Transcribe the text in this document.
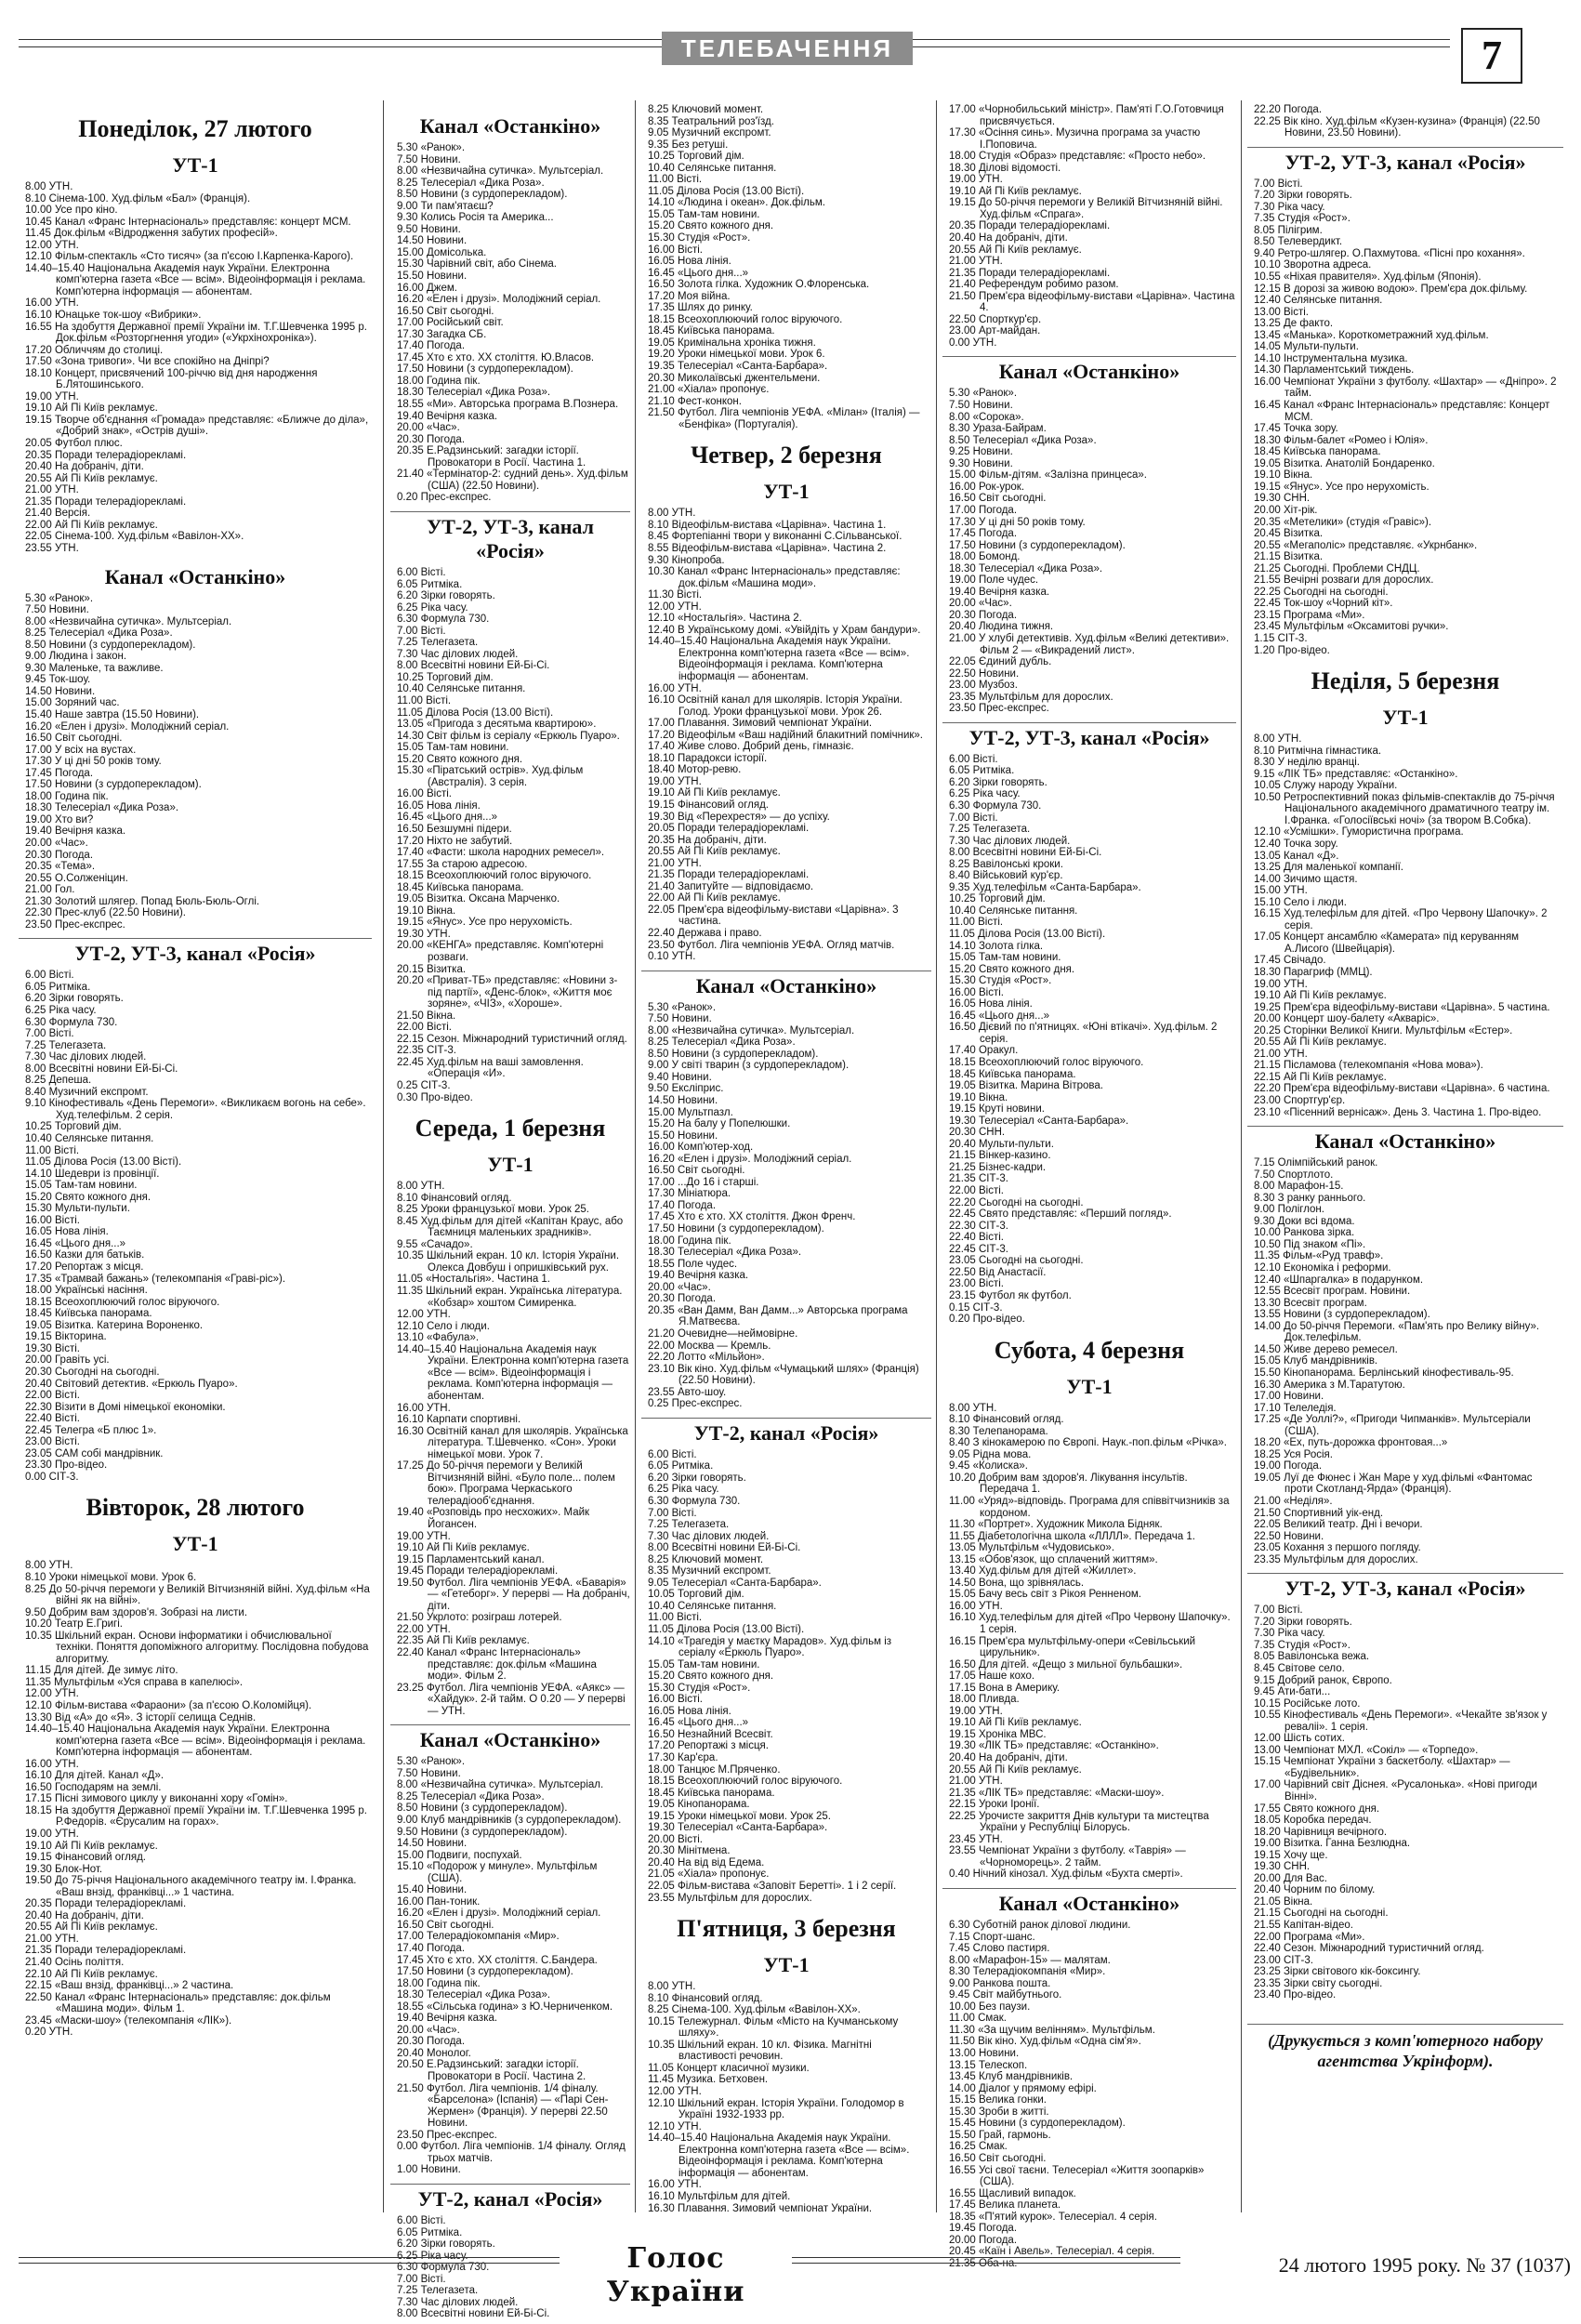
ТЕЛЕБАЧЕННЯ	7
Понеділок, 27 лютого
УТ-1

8.00 УТН.

8.10 Сінема-100. Худ.фільм «Бал» (Франція).

10.00 Усе про кіно.

10.45 Канал «Франс Інтернасіональ» представляє: концерт МСМ.

11.45 Док.фільм «Відродження забутих професій».

12.00 УТН.

12.10 Фільм-спектакль «Сто тисяч» (за п'єсою І.Карпенка-Карого).

14.40–15.40 Національна Академія наук України. Електронна комп'ютерна газета «Все — всім». Відеоінформація і реклама. Комп'ютерна інформація — абонентам.

16.00 УТН.

16.10 Юнацьке ток-шоу «Вибрики».

16.55 На здобуття Державної премії України ім. Т.Г.Шевченка 1995 р. Док.фільм «Розторгнення угоди» («Укрхінохроніка»).

17.20 Обличчям до столиці.

17.50 «Зона тривоги». Чи все спокійно на Дніпрі?

18.10 Концерт, присвячений 100-річчю від дня народження Б.Лятошинського.

19.00 УТН.

19.10 Ай Пі Київ рекламує.

19.15 Творче об'єднання «Громада» представляє: «Ближче до діла», «Добрий знак», «Острів душі».

20.05 Футбол плюс.

20.35 Поради телерадіорекламі.

20.40 На добраніч, діти.

20.55 Ай Пі Київ рекламує.

21.00 УТН.

21.35 Поради телерадіорекламі.

21.40 Версія.

22.00 Ай Пі Київ рекламує.

22.05 Сінема-100. Худ.фільм «Вавілон-XX».

23.55 УТН.

Канал «Останкіно»

5.30 «Ранок».

7.50 Новини.

8.00 «Незвичайна сутичка». Мультсеріал.

8.25 Телесеріал «Дика Роза».

8.50 Новини (з сурдоперекладом).

9.00 Людина і закон.

9.30 Маленьке, та важливе.

9.45 Ток-шоу.

14.50 Новини.

15.00 Зоряний час.

15.40 Наше завтра (15.50 Новини).

16.20 «Елен і друзі». Молодіжний серіал.

16.50 Світ сьогодні.

17.00 У всіх на вустах.

17.30 У ці дні 50 років тому.

17.45 Погода.

17.50 Новини (з сурдоперекладом).

18.00 Година пік.

18.30 Телесеріал «Дика Роза».

19.00 Хто ви?

19.40 Вечірня казка.

20.00 «Час».

20.30 Погода.

20.35 «Тема».

20.55 О.Солженіцин.

21.00 Гол.

21.30 Золотий шлягер. Попад Бюль-Бюль-Оглі.

22.30 Прес-клуб (22.50 Новини).

23.50 Прес-експрес.

УТ-2, УТ-3, канал «Росія»

6.00 Вісті.

6.05 Ритміка.

6.20 Зірки говорять.

6.25 Ріка часу.

6.30 Формула 730.

7.00 Вісті.

7.25 Телегазета.

7.30 Час ділових людей.

8.00 Всесвітні новини Ей-Бі-Сі.

8.25 Депеша.

8.40 Музичний експромт.

9.10 Кінофестиваль «День Перемоги». «Викликаєм вогонь на себе». Худ.телефільм. 2 серія.

10.25 Торговий дім.

10.40 Селянське питання.

11.00 Вісті.

11.05 Ділова Росія (13.00 Вісті).

14.10 Шедеври із провінції.

15.05 Там-там новини.

15.20 Свято кожного дня.

15.30 Мульти-пульти.

16.00 Вісті.

16.05 Нова лінія.

16.45 «Цього дня...»

16.50 Казки для батьків.

17.20 Репортаж з місця.

17.35 «Трамвай бажань» (телекомпанія «Граві-ріс»).

18.00 Українські насіння.

18.15 Всеохоплюючий голос віруючого.

18.45 Київська панорама.

19.05 Візитка. Катерина Вороненко.

19.15 Вікторина.

19.30 Вісті.

20.00 Гравіть усі.

20.30 Сьогодні на сьогодні.

20.40 Світовий детектив. «Еркюль Пуаро».

22.00 Вісті.

22.30 Візити в Домі німецької економіки.

22.40 Вісті.

22.45 Телегра «Б плюс 1».

23.00 Вісті.

23.05 САМ собі мандрівник.

23.30 Про-відео.

0.00 СІТ-3.

Вівторок, 28 лютого
УТ-1

8.00 УТН.

8.10 Уроки німецької мови. Урок 6.

8.25 До 50-річчя перемоги у Великій Вітчизняній війні. Худ.фільм «На війні як на війні».

9.50 Добрим вам здоров'я. Зобразі на листи.

10.20 Театр Е.Григі.

10.35 Шкільний екран. Основи інформатики і обчислювальної техніки. Поняття допоміжного алгоритму. Послідовна побудова алгоритму.

11.15 Для дітей. Де зимує літо.

11.35 Мультфільм «Уся справа в капелюсі».

12.00 УТН.

12.10 Фільм-вистава «Фараони» (за п'єсою О.Коломійця).

13.30 Від «А» до «Я». З історії селища Седнів.

14.40–15.40 Національна Академія наук України. Електронна комп'ютерна газета «Все — всім». Відеоінформація і реклама. Комп'ютерна інформація — абонентам.

16.00 УТН.

16.10 Для дітей. Канал «Д».

16.50 Господарям на землі.

17.15 Пісні зимового циклу у виконанні хору «Гомін».

18.15 На здобуття Державної премії України ім. Т.Г.Шевченка 1995 р. Р.Федорів. «Єрусалим на горах».

19.00 УТН.

19.10 Ай Пі Київ рекламує.

19.15 Фінансовий огляд.

19.30 Блок-Нот.

19.50 До 75-річчя Національного академічного театру ім. І.Франка. «Ваш внзід, франківці...» 1 частина.

20.35 Поради телерадіорекламі.

20.40 На добраніч, діти.

20.55 Ай Пі Київ рекламує.

21.00 УТН.

21.35 Поради телерадіорекламі.

21.40 Осінь поліття.

22.10 Ай Пі Київ рекламує.

22.15 «Ваш внзід, франківці...» 2 частина.

22.50 Канал «Франс Інтернасіональ» представляє: док.фільм «Машина моди». Фільм 1.

23.45 «Маски-шоу» (телекомпанія «ЛІК»).

0.20 УТН.

Канал «Останкіно»

5.30 «Ранок».

7.50 Новини.

8.00 «Незвичайна сутичка». Мультсеріал.

8.25 Телесеріал «Дика Роза».

8.50 Новини (з сурдоперекладом).

9.00 Ти пам'ятаєш?

9.30 Колись Росія та Америка...

9.50 Новини.

14.50 Новини.

15.00 Домісолька.

15.30 Чарівний світ, або Сінема.

15.50 Новини.

16.00 Джем.

16.20 «Елен і друзі». Молодіжний серіал.

16.50 Світ сьогодні.

17.00 Російський світ.

17.30 Загадка СБ.

17.40 Погода.

17.45 Хто є хто. XX століття. Ю.Власов.

17.50 Новини (з сурдоперекладом).

18.00 Година пік.

18.30 Телесеріал «Дика Роза».

18.55 «Ми». Авторська програма В.Познера.

19.40 Вечірня казка.

20.00 «Час».

20.30 Погода.

20.35 Е.Радзинський: загадки історії. Провокатори в Росії. Частина 1.

21.40 «Термінатор-2: судний день». Худ.фільм (США) (22.50 Новини).

0.20 Прес-експрес.

УТ-2, УТ-3, канал «Росія»

6.00 Вісті.

6.05 Ритміка.

6.20 Зірки говорять.

6.25 Ріка часу.

6.30 Формула 730.

7.00 Вісті.

7.25 Телегазета.

7.30 Час ділових людей.

8.00 Всесвітні новини Ей-Бі-Сі.

10.25 Торговий дім.

10.40 Селянське питання.

11.00 Вісті.

11.05 Ділова Росія (13.00 Вісті).

13.05 «Пригода з десятьма квартирою».

14.30 Світ фільм із серіалу «Еркюль Пуаро».

15.05 Там-там новини.

15.20 Свято кожного дня.

15.30 «Піратський острів». Худ.фільм (Австралія). 3 серія.

16.00 Вісті.

16.05 Нова лінія.

16.45 «Цього дня...»

16.50 Безшумні підери.

17.20 Ніхто не забутий.

17.40 «Фасти: школа народних ремесел».

17.55 За старою адресою.

18.15 Всеохоплюючий голос віруючого.

18.45 Київська панорама.

19.05 Візитка. Оксана Марченко.

19.10 Вікна.

19.15 «Янус». Усе про нерухомість.

19.30 УТН.

20.00 «КЕНГА» представляє. Комп'ютерні розваги.

20.15 Візитка.

20.20 «Приват-ТБ» представляє: «Новини з-під партії», «Денс-блок», «Життя моє зоряне», «ЧІЗ», «Хороше».

21.50 Вікна.

22.00 Вісті.

22.15 Сезон. Міжнародний туристичний огляд.

22.35 СІТ-3.

22.45 Худ.фільм на ваші замовлення. «Операція «И».

0.25 СІТ-3.

0.30 Про-відео.

Середа, 1 березня
УТ-1

8.00 УТН.

8.10 Фінансовий огляд.

8.25 Уроки французької мови. Урок 25.

8.45 Худ.фільм для дітей «Капітан Краус, або Таємниця маленьких зрадників».

9.55 «Сачадо».

10.35 Шкільний екран. 10 кл. Історія України. Олекса Довбуш і опришківський рух.

11.05 «Ностальгія». Частина 1.

11.35 Шкільний екран. Українська література. «Кобзар» хоштом Симиренка.

12.00 УТН.

12.10 Село і люди.

13.10 «Фабула».

14.40–15.40 Національна Академія наук України. Електронна комп'ютерна газета «Все — всім». Відеоінформація і реклама. Комп'ютерна інформація — абонентам.

16.00 УТН.

16.10 Карпати спортивні.

16.30 Освітній канал для школярів. Українська література. Т.Шевченко. «Сон». Уроки німецької мови. Урок 7.

17.25 До 50-річчя перемоги у Великій Вітчизняній війні. «Було поле... полем бою». Програма Черкаського телерадіооб'єднання.

19.40 «Розповідь про несхожих». Майк Йогансен.

19.00 УТН.

19.10 Ай Пі Київ рекламує.

19.15 Парламентський канал.

19.45 Поради телерадіорекламі.

19.50 Футбол. Ліга чемпіонів УЕФА. «Баварія» — «Гетеборг». У перерві — На добраніч, діти.

21.50 Укрлото: розіграш лотерей.

22.00 УТН.

22.35 Ай Пі Київ рекламує.

22.40 Канал «Франс Інтернасіональ» представляє: док.фільм «Машина моди». Фільм 2.

23.25 Футбол. Ліга чемпіонів УЕФА. «Аякс» — «Хайдук». 2-й тайм. О 0.20 — У перерві — УТН.

Канал «Останкіно»

5.30 «Ранок».

7.50 Новини.

8.00 «Незвичайна сутичка». Мультсеріал.

8.25 Телесеріал «Дика Роза».

8.50 Новини (з сурдоперекладом).

9.00 Клуб мандрівників (з сурдоперекладом).

9.50 Новини (з сурдоперекладом).

14.50 Новини.

15.00 Подвиги, поспухай.

15.10 «Подорож у минуле». Мультфільм (США).

15.40 Новини.

16.00 Пан-тоник.

16.20 «Елен і друзі». Молодіжний серіал.

16.50 Світ сьогодні.

17.00 Телерадіокомпанія «Мир».

17.40 Погода.

17.45 Хто є хто. XX століття. С.Бандера.

17.50 Новини (з сурдоперекладом).

18.00 Година пік.

18.30 Телесеріал «Дика Роза».

18.55 «Сільська година» з Ю.Черниченком.

19.40 Вечірня казка.

20.00 «Час».

20.30 Погода.

20.40 Монолог.

20.50 Е.Радзинський: загадки історії. Провокатори в Росії. Частина 2.

21.50 Футбол. Ліга чемпіонів. 1/4 фіналу. «Барселона» (Іспанія) — «Парі Сен-Жермен» (Франція). У перерві 22.50 Новини.

23.50 Прес-експрес.

0.00 Футбол. Ліга чемпіонів. 1/4 фіналу. Огляд трьох матчів.

1.00 Новини.

УТ-2, канал «Росія»

6.00 Вісті.

6.05 Ритміка.

6.20 Зірки говорять.

6.25 Ріка часу.

6.30 Формула 730.

7.00 Вісті.

7.25 Телегазета.

7.30 Час ділових людей.

8.00 Всесвітні новини Ей-Бі-Сі.

8.25 Ключовий момент.

8.35 Театральний роз'їзд.

9.05 Музичний експромт.

9.35 Без ретуші.

10.25 Торговий дім.

10.40 Селянське питання.

11.00 Вісті.

11.05 Ділова Росія (13.00 Вісті).

14.10 «Людина і океан». Док.фільм.

15.05 Там-там новини.

15.20 Свято кожного дня.

15.30 Студія «Рост».

16.00 Вісті.

16.05 Нова лінія.

16.45 «Цього дня...»

16.50 Золота гілка. Художник О.Флоренська.

17.20 Моя війна.

17.35 Шлях до ринку.

18.15 Всеохоплюючий голос віруючого.

18.45 Київська панорама.

19.05 Кримінальна хроніка тижня.

19.20 Уроки німецької мови. Урок 6.

19.35 Телесеріал «Санта-Барбара».

20.30 Миколаївські джентельмени.

21.00 «Хіала» пропонує.

21.10 Фест-конкон.

21.50 Футбол. Ліга чемпіонів УЕФА. «Мілан» (Італія) — «Бенфіка» (Португалія).

Четвер, 2 березня
УТ-1

8.00 УТН.

8.10 Відеофільм-вистава «Царівна». Частина 1.

8.45 Фортепіанні твори у виконанні С.Сільванської.

8.55 Відеофільм-вистава «Царівна». Частина 2.

9.30 Кінопроба.

10.30 Канал «Франс Інтернасіональ» представляє: док.фільм «Машина моди».

11.30 Вісті.

12.00 УТН.

12.10 «Ностальгія». Частина 2.

12.40 В Українському домі. «Увійдіть у Храм бандури».

14.40–15.40 Національна Академія наук України. Електронна комп'ютерна газета «Все — всім». Відеоінформація і реклама. Комп'ютерна інформація — абонентам.

16.00 УТН.

16.10 Освітній канал для школярів. Історія України. Голод. Уроки французької мови. Урок 26.

17.00 Плавання. Зимовий чемпіонат України.

17.20 Відеофільм «Ваш надійний блакитний помічник».

17.40 Живе слово. Добрий день, гімназіє.

18.10 Парадокси історії.

18.40 Мотор-ревю.

19.00 УТН.

19.10 Ай Пі Київ рекламує.

19.15 Фінансовий огляд.

19.30 Від «Перехрестя» — до успіху.

20.05 Поради телерадіорекламі.

20.35 На добраніч, діти.

20.55 Ай Пі Київ рекламує.

21.00 УТН.

21.35 Поради телерадіорекламі.

21.40 Запитуйте — відповідаємо.

22.00 Ай Пі Київ рекламує.

22.05 Прем'єра відеофільму-вистави «Царівна». 3 частина.

22.40 Держава і право.

23.50 Футбол. Ліга чемпіонів УЕФА. Огляд матчів.

0.10 УТН.

Канал «Останкіно»

5.30 «Ранок».

7.50 Новини.

8.00 «Незвичайна сутичка». Мультсеріал.

8.25 Телесеріал «Дика Роза».

8.50 Новини (з сурдоперекладом).

9.00 У світі тварин (з сурдоперекладом).

9.40 Новини.

9.50 Ексліприс.

14.50 Новини.

15.00 Мультпазл.

15.20 На балу у Попелюшки.

15.50 Новини.

16.00 Комп'ютер-ход.

16.20 «Елен і друзі». Молодіжний серіал.

16.50 Світ сьогодні.

17.00 ...До 16 і старші.

17.30 Мініатюра.

17.40 Погода.

17.45 Хто є хто. XX століття. Джон Френч.

17.50 Новини (з сурдоперекладом).

18.00 Година пік.

18.30 Телесеріал «Дика Роза».

18.55 Поле чудес.

19.40 Вечірня казка.

20.00 «Час».

20.30 Погода.

20.35 «Ван Дамм, Ван Дамм...» Авторська програма Я.Матвеєва.

21.20 Очевидне—неймовірне.

22.00 Москва — Кремль.

22.20 Лотто «Мільйон».

23.10 Вік кіно. Худ.фільм «Чумацький шлях» (Франція) (22.50 Новини).

23.55 Авто-шоу.

0.25 Прес-експрес.

УТ-2, канал «Росія»

6.00 Вісті.

6.05 Ритміка.

6.20 Зірки говорять.

6.25 Ріка часу.

6.30 Формула 730.

7.00 Вісті.

7.25 Телегазета.

7.30 Час ділових людей.

8.00 Всесвітні новини Ей-Бі-Сі.

8.25 Ключовий момент.

8.35 Музичний експромт.

9.05 Телесеріал «Санта-Барбара».

10.05 Торговий дім.

10.40 Селянське питання.

11.00 Вісті.

11.05 Ділова Росія (13.00 Вісті).

14.10 «Трагедія у маєтку Марадов». Худ.фільм із серіалу «Еркюль Пуаро».

15.05 Там-там новини.

15.20 Свято кожного дня.

15.30 Студія «Рост».

16.00 Вісті.

16.05 Нова лінія.

16.45 «Цього дня...»

16.50 Незнайний Всесвіт.

17.20 Репортажі з місця.

17.30 Кар'єра.

18.00 Танцює М.Пряченко.

18.15 Всеохоплюючий голос віруючого.

18.45 Київська панорама.

19.05 Кінопанорама.

19.15 Уроки німецької мови. Урок 25.

19.30 Телесеріал «Санта-Барбара».

20.00 Вісті.

20.30 Мінітмена.

20.40 На від від Едема.

21.05 «Хіала» пропонує.

22.05 Фільм-вистава «Заповіт Беретті». 1 і 2 серії.

23.55 Мультфільм для дорослих.

П'ятниця, 3 березня
УТ-1

8.00 УТН.

8.10 Фінансовий огляд.

8.25 Сінема-100. Худ.фільм «Вавілон-XX».

10.15 Тележурнал. Фільм «Місто на Кучманському шляху».

10.35 Шкільний екран. 10 кл. Фізика. Магнітні властивості речовин.

11.05 Концерт класичної музики.

11.45 Музика. Бетховен.

12.00 УТН.

12.10 Шкільний екран. Історія України. Голодомор в Україні 1932-1933 рр.

12.10 УТН.

14.40–15.40 Національна Академія наук України. Електронна комп'ютерна газета «Все — всім». Відеоінформація і реклама. Комп'ютерна інформація — абонентам.

16.00 УТН.

16.10 Мультфільм для дітей.

16.30 Плавання. Зимовий чемпіонат України.

17.00 «Чорнобильський міністр». Пам'яті Г.О.Готовчиця присвячується.

17.30 «Осіння синь». Музична програма за участю І.Поповича.

18.00 Студія «Образ» представляє: «Просто небо».

18.30 Ділові відомості.

19.00 УТН.

19.10 Ай Пі Київ рекламує.

19.15 До 50-річчя перемоги у Великій Вітчизняній війні. Худ.фільм «Спрага».

20.35 Поради телерадіорекламі.

20.40 На добраніч, діти.

20.55 Ай Пі Київ рекламує.

21.00 УТН.

21.35 Поради телерадіорекламі.

21.40 Референдум робимо разом.

21.50 Прем'єра відеофільму-вистави «Царівна». Частина 4.

22.50 Спорткур'єр.

23.00 Арт-майдан.

0.00 УТН.

Канал «Останкіно»

5.30 «Ранок».

7.50 Новини.

8.00 «Сорока».

8.30 Ураза-Байрам.

8.50 Телесеріал «Дика Роза».

9.25 Новини.

9.30 Новини.

15.00 Фільм-дітям. «Залізна принцеса».

16.00 Рок-урок.

16.50 Світ сьогодні.

17.00 Погода.

17.30 У ці дні 50 років тому.

17.45 Погода.

17.50 Новини (з сурдоперекладом).

18.00 Бомонд.

18.30 Телесеріал «Дика Роза».

19.00 Поле чудес.

19.40 Вечірня казка.

20.00 «Час».

20.30 Погода.

20.40 Людина тижня.

21.00 У хлубі детективів. Худ.фільм «Великі детективи». Фільм 2 — «Викрадений лист».

22.05 Єдиний дубль.

22.50 Новини.

23.00 Музбоз.

23.35 Мультфільм для дорослих.

23.50 Прес-експрес.

УТ-2, УТ-3, канал «Росія»

6.00 Вісті.

6.05 Ритміка.

6.20 Зірки говорять.

6.25 Ріка часу.

6.30 Формула 730.

7.00 Вісті.

7.25 Телегазета.

7.30 Час ділових людей.

8.00 Всесвітні новини Ей-Бі-Сі.

8.25 Вавілонські кроки.

8.40 Військовий кур'єр.

9.35 Худ.телефільм «Санта-Барбара».

10.25 Торговий дім.

10.40 Селянське питання.

11.00 Вісті.

11.05 Ділова Росія (13.00 Вісті).

14.10 Золота гілка.

15.05 Там-там новини.

15.20 Свято кожного дня.

15.30 Студія «Рост».

16.00 Вісті.

16.05 Нова лінія.

16.45 «Цього дня...»

16.50 Дієвий по п'ятницях. «Юні втікачі». Худ.фільм. 2 серія.

17.40 Оракул.

18.15 Всеохоплюючий голос віруючого.

18.45 Київська панорама.

19.05 Візитка. Марина Вітрова.

19.10 Вікна.

19.15 Круті новини.

19.30 Телесеріал «Санта-Барбара».

20.30 СНН.

20.40 Мульти-пульти.

21.15 Вінкер-казино.

21.25 Бізнес-кадри.

21.35 СІТ-3.

22.00 Вісті.

22.20 Сьогодні на сьогодні.

22.45 Свято представляє: «Перший погляд».

22.30 СІТ-3.

22.40 Вісті.

22.45 СІТ-3.

23.05 Сьогодні на сьогодні.

22.50 Від Анастасії.

23.00 Вісті.

23.15 Футбол як футбол.

0.15 СІТ-3.

0.20 Про-відео.

Субота, 4 березня
УТ-1

8.00 УТН.

8.10 Фінансовий огляд.

8.30 Телепанорама.

8.40 З кінокамерою по Європі. Наук.-поп.фільм «Річка».

9.05 Рідна мова.

9.45 «Колиска».

10.20 Добрим вам здоров'я. Лікування інсультів. Передача 1.

11.00 «Уряд»-відповідь. Програма для співвітчизників за кордоном.

11.30 «Портрет». Художник Микола Бідняк.

11.55 Діабетологічна школа «ЛЛЛЛ». Передача 1.

13.05 Мультфільм «Чудовисько».

13.15 «Обов'язок, що сплачений життям».

13.40 Худ.фільм для дітей «Жиллет».

14.50 Вона, що зрівнялась.

15.05 Бачу весь світ з Рікоя Ренненом.

16.00 УТН.

16.10 Худ.телефільм для дітей «Про Червону Шапочку». 1 серія.

16.15 Прем'єра мультфільму-опери «Севільський цирульник».

16.50 Для дітей. «Дещо з мильної бульбашки».

17.05 Наше кохо.

17.15 Вона в Америку.

18.00 Пливда.

19.00 УТН.

19.10 Ай Пі Київ рекламує.

19.15 Хроніка МВС.

19.30 «ЛІК ТБ» представляє: «Останкіно».

20.40 На добраніч, діти.

20.55 Ай Пі Київ рекламує.

21.00 УТН.

21.35 «ЛІК ТБ» представляє: «Маски-шоу».

22.15 Уроки Іронії.

22.25 Урочисте закриття Днів культури та мистецтва України у Республіці Білорусь.

23.45 УТН.

23.55 Чемпіонат України з футболу. «Таврія» — «Чорноморець». 2 тайм.

0.40 Нічний кінозал. Худ.фільм «Бухта смерті».

Канал «Останкіно»

6.30 Суботній ранок ділової людини.

7.15 Спорт-шанс.

7.45 Слово пастиря.

8.00 «Марафон-15» — малятам.

8.30 Телерадіокомпанія «Мир».

9.00 Ранкова пошта.

9.45 Світ майбутнього.

10.00 Без паузи.

11.00 Смак.

11.30 «За щучим велінням». Мультфільм.

11.50 Вік кіно. Худ.фільм «Одна сім'я».

13.00 Новини.

13.15 Телескоп.

13.45 Клуб мандрівників.

14.00 Діалог у прямому ефірі.

15.15 Велика гонки.

15.30 Зроби в житті.

15.45 Новини (з сурдоперекладом).

15.50 Грай, гармонь.

16.25 Смак.

16.50 Світ сьогодні.

16.55 Усі свої таєни. Телесеріал «Життя зоопарків» (США).

16.55 Щасливий випадок.

17.45 Велика планета.

18.35 «П'ятий курок». Телесеріал. 4 серія.

19.45 Погода.

20.00 Погода.

20.45 «Каїн і Авель». Телесеріал. 4 серія.

21.35 Оба-на.

22.20 Погода.

22.25 Вік кіно. Худ.фільм «Кузен-кузина» (Франція) (22.50 Новини, 23.50 Новини).

УТ-2, УТ-3, канал «Росія»

7.00 Вісті.

7.20 Зірки говорять.

7.30 Ріка часу.

7.35 Студія «Рост».

8.05 Пілігрим.

8.50 Телевердикт.

9.40 Ретро-шлягер. О.Пахмутова. «Пісні про кохання».

10.10 Зворотна адреса.

10.55 «Ніхая правителя». Худ.фільм (Японія).

12.15 В дорозі за живою водою». Прем'єра док.фільму.

12.40 Селянське питання.

13.00 Вісті.

13.25 Де факто.

13.45 «Манька». Короткометражний худ.фільм.

14.05 Мульти-пульти.

14.10 Інструментальна музика.

14.30 Парламентський тиждень.

16.00 Чемпіонат України з футболу. «Шахтар» — «Дніпро». 2 тайм.

16.45 Канал «Франс Інтернасіональ» представляє: Концерт МСМ.

17.45 Точка зору.

18.30 Фільм-балет «Ромео і Юлія».

18.45 Київська панорама.

19.05 Візитка. Анатолій Бондаренко.

19.10 Вікна.

19.15 «Янус». Усе про нерухомість.

19.30 СНН.

20.00 Хіт-рік.

20.35 «Метелики» (студія «Гравіс»).

20.45 Візитка.

20.55 «Мегаполіс» представляє. «Укрнбанк».

21.15 Візитка.

21.25 Сьогодні. Проблеми СНДЦ.

21.55 Вечірні розваги для дорослих.

22.25 Сьогодні на сьогодні.

22.45 Ток-шоу «Чорний кіт».

23.15 Програма «Ми».

23.45 Мультфільм «Оксамитові ручки».

1.15 СІТ-3.

1.20 Про-відео.

Неділя, 5 березня
УТ-1

8.00 УТН.

8.10 Ритмічна гімнастика.

8.30 У неділю вранці.

9.15 «ЛІК ТБ» представляє: «Останкіно».

10.05 Служу народу України.

10.50 Ретроспективний показ фільмів-спектаклів до 75-річчя Національного академічного драматичного театру ім. І.Франка. «Голосіївські ночі» (за твором В.Собка).

12.10 «Усмішки». Гумористична програма.

12.40 Точка зору.

13.05 Канал «Д».

13.25 Для маленької компанії.

14.00 Зичимо щастя.

15.00 УТН.

15.10 Село і люди.

16.15 Худ.телефільм для дітей. «Про Червону Шапочку». 2 серія.

17.05 Концерт ансамблю «Камерата» під керуванням А.Лисого (Швейцарія).

17.45 Свічадо.

18.30 Парагриф (ММЦ).

19.00 УТН.

19.10 Ай Пі Київ рекламує.

19.25 Прем'єра відеофільму-вистави «Царівна». 5 частина.

20.00 Концерт шоу-балету «Акваріс».

20.25 Сторінки Великої Книги. Мультфільм «Естер».

20.55 Ай Пі Київ рекламує.

21.00 УТН.

21.15 Післамова (телекомпанія «Нова мова»).

22.15 Ай Пі Київ рекламує.

22.20 Прем'єра відеофільму-вистави «Царівна». 6 частина.

23.00 Спортгур'єр.

23.10 «Пісенний вернісаж». День 3. Частина 1. Про-відео.

Канал «Останкіно»

7.15 Олімпійський ранок.

7.50 Спортлото.

8.00 Марафон-15.

8.30 З ранку раннього.

9.00 Поліглон.

9.30 Доки всі вдома.

10.00 Ранкова зірка.

10.50 Під знаком «Пі».

11.35 Фільм-«Руд травф».

12.10 Економіка і реформи.

12.40 «Шпаргалка» в подарунком.

12.55 Всесвіт програм. Новини.

13.30 Всесвіт програм.

13.55 Новини (з сурдоперекладом).

14.00 До 50-річчя Перемоги. «Пам'ять про Велику війну». Док.телефільм.

14.50 Живе дерево ремесел.

15.05 Клуб мандрівників.

15.50 Кінопанорама. Берлінський кінофестиваль-95.

16.30 Америка з М.Таратутою.

17.00 Новини.

17.10 Телеледія.

17.25 «Де Уоллі?», «Пригоди Чипманків». Мультсеріали (США).

18.20 «Ех, путь-дорожка фронтовая...»

18.25 Уся Росія.

19.00 Погода.

19.05 Луї де Фюнес і Жан Маре у худ.фільмі «Фантомас проти Скотланд-Ярда» (Франція).

21.00 «Неділя».

21.50 Спортивний уік-енд.

22.05 Великий театр. Дні і вечори.

22.50 Новини.

23.05 Кохання з першого погляду.

23.35 Мультфільм для дорослих.

УТ-2, УТ-3, канал «Росія»

7.00 Вісті.

7.20 Зірки говорять.

7.30 Ріка часу.

7.35 Студія «Рост».

8.05 Вавілонська вежа.

8.45 Світове село.

9.15 Добрий ранок, Європо.

9.45 Ати-бати...

10.15 Російське лото.

10.55 Кінофестиваль «День Перемоги». «Чекайте зв'язок у реваліі». 1 серія.

12.00 Шість сотих.

13.00 Чемпіонат МХЛ. «Сокіл» — «Торпедо».

15.15 Чемпіонат України з баскетболу. «Шахтар» — «Будівельник».

17.00 Чарівний світ Діснея. «Русалонька». «Нові пригоди Вінні».

17.55 Свято кожного дня.

18.05 Коробка передач.

18.20 Чарівниця вечірного.

19.00 Візитка. Ганна Безлюдна.

19.15 Хочу ще.

19.30 СНН.

20.00 Для Вас.

20.40 Чорним по білому.

21.05 Вікна.

21.15 Сьогодні на сьогодні.

21.55 Капітан-відео.

22.00 Програма «Ми».

22.40 Сезон. Міжнародний туристичний огляд.

23.00 СІТ-3.

23.25 Зірки світового кік-боксингу.

23.35 Зірки світу сьогодні.

23.40 Про-відео.

(Друкується з комп'ютерного набору агентства Укрінформ).
Голос України
24 лютого 1995 року. № 37 (1037)
